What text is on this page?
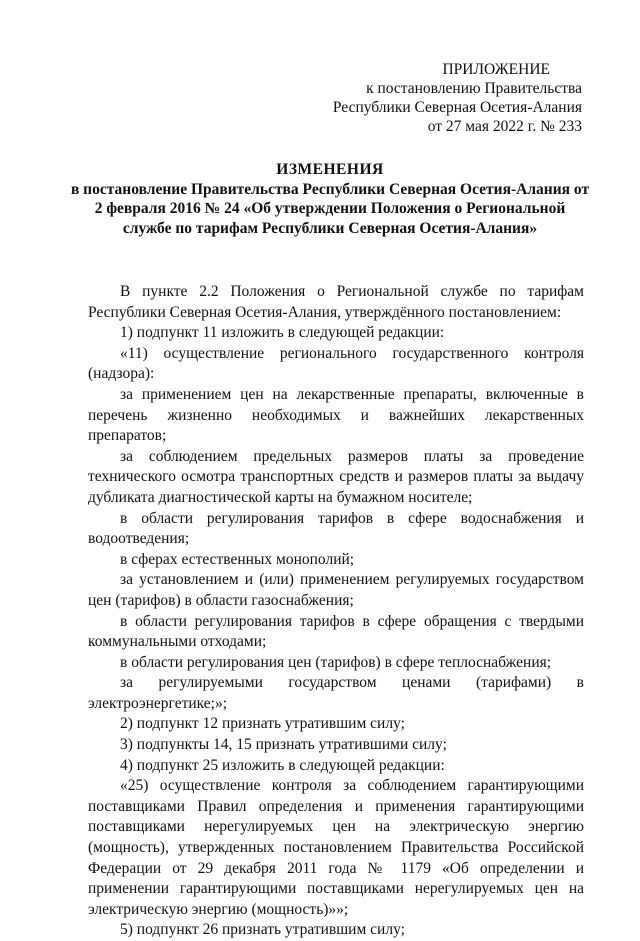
ПРИЛОЖЕНИЕ
к постановлению Правительства
Республики Северная Осетия-Алания
от 27 мая 2022 г. № 233
ИЗМЕНЕНИЯ
в постановление Правительства Республики Северная Осетия-Алания от 2 февраля 2016 № 24 «Об утверждении Положения о Региональной службе по тарифам Республики Северная Осетия-Алания»

В пункте 2.2 Положения о Региональной службе по тарифам Республики Северная Осетия-Алания, утверждённого постановлением:

1) подпункт 11 изложить в следующей редакции:

«11) осуществление регионального государственного контроля (надзора):

за применением цен на лекарственные препараты, включенные в перечень жизненно необходимых и важнейших лекарственных препаратов;

за соблюдением предельных размеров платы за проведение технического осмотра транспортных средств и размеров платы за выдачу дубликата диагностической карты на бумажном носителе;

в области регулирования тарифов в сфере водоснабжения и водоотведения;

в сферах естественных монополий;

за установлением и (или) применением регулируемых государством цен (тарифов) в области газоснабжения;

в области регулирования тарифов в сфере обращения с твердыми коммунальными отходами;

в области регулирования цен (тарифов) в сфере теплоснабжения;

за регулируемыми государством ценами (тарифами) в электроэнергетике;»;

2) подпункт 12 признать утратившим силу;

3) подпункты 14, 15 признать утратившими силу;

4) подпункт 25 изложить в следующей редакции:

«25) осуществление контроля за соблюдением гарантирующими поставщиками Правил определения и применения гарантирующими поставщиками нерегулируемых цен на электрическую энергию (мощность), утвержденных постановлением Правительства Российской Федерации от 29 декабря 2011 года № 1179 «Об определении и применении гарантирующими поставщиками нерегулируемых цен на электрическую энергию (мощность)»»;

5) подпункт 26 признать утратившим силу;
